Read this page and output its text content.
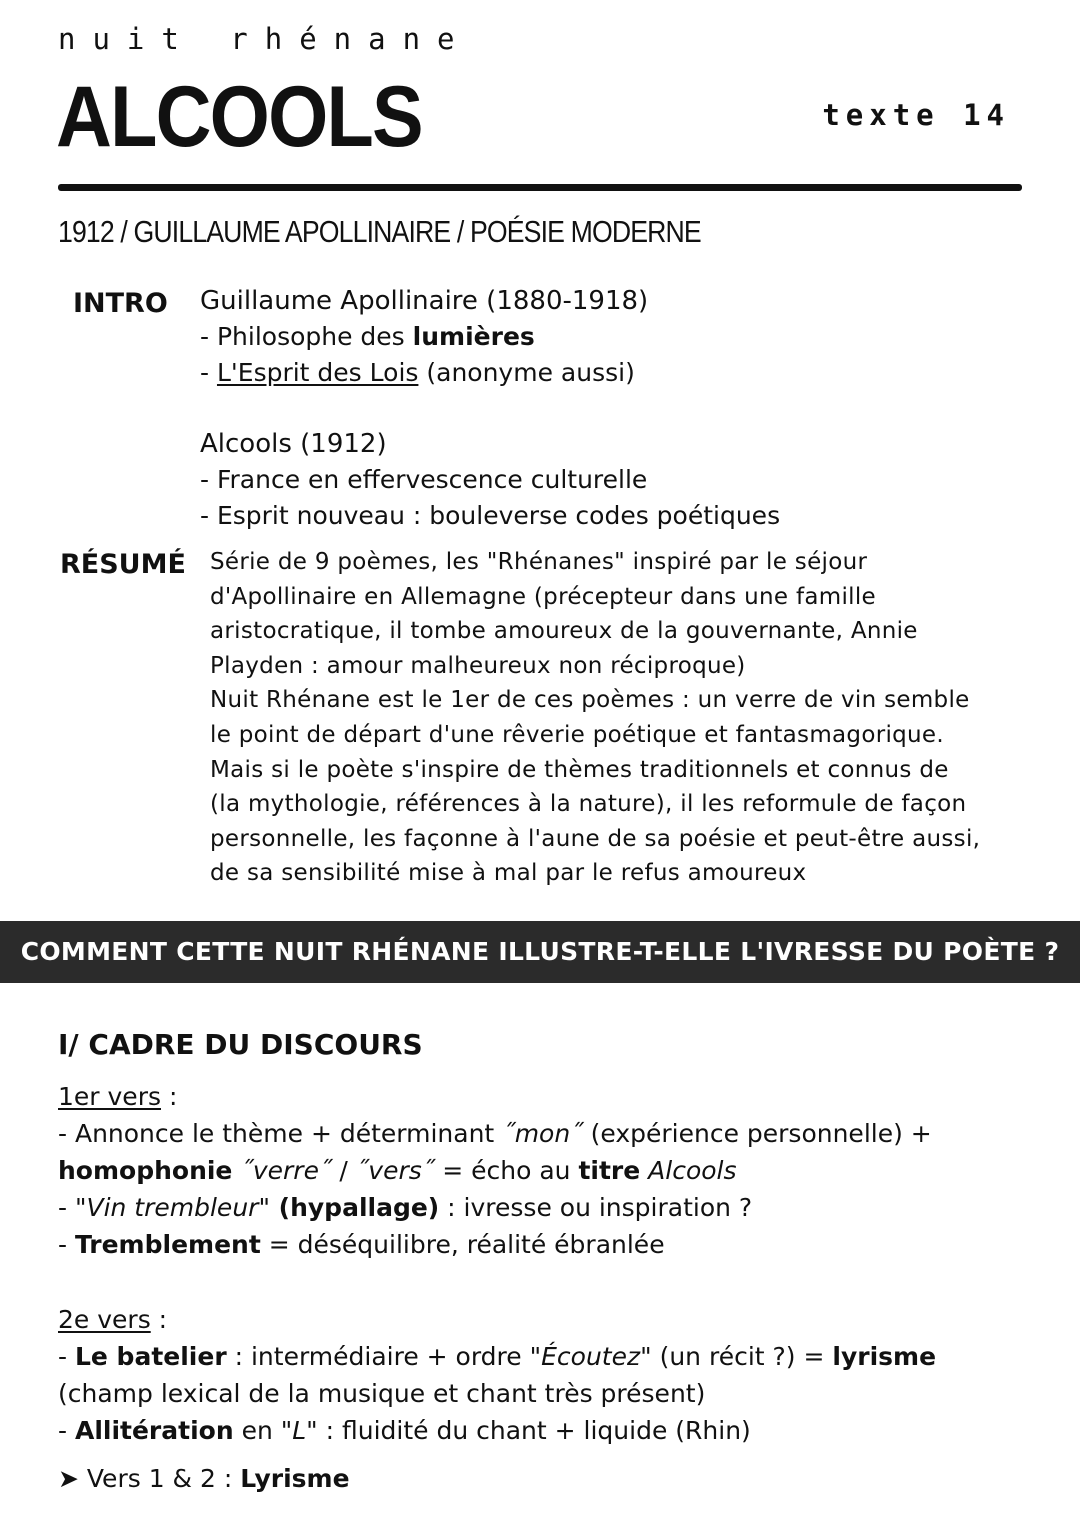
nuit rhénane
ALCOOLS	texte 14
1912 / GUILLAUME APOLLINAIRE / POÉSIE MODERNE
INTRO Guillaume Apollinaire (1880-1918)
- Philosophe des lumières
- L'Esprit des Lois (anonyme aussi)
Alcools (1912)
- France en effervescence culturelle
- Esprit nouveau : bouleverse codes poétiques
RÉSUMÉ Série de 9 poèmes, les "Rhénanes" inspiré par le séjour
d'Apollinaire en Allemagne (précepteur dans une famille
aristocratique, il tombe amoureux de la gouvernante, Annie
Playden : amour malheureux non réciproque)
Nuit Rhénane est le 1er de ces poèmes : un verre de vin semble
le point de départ d'une rêverie poétique et fantasmagorique.
Mais si le poète s'inspire de thèmes traditionnels et connus de
(la mythologie, références à la nature), il les reformule de façon
personnelle, les façonne à l'aune de sa poésie et peut-être aussi,
de sa sensibilité mise à mal par le refus amoureux
COMMENT CETTE NUIT RHÉNANE ILLUSTRE-T-ELLE L'IVRESSE DU POÈTE ?
I/ CADRE DU DISCOURS
1er vers :
- Annonce le thème + déterminant ˝mon˝ (expérience personnelle) +
homophonie ˝verre˝ / ˝vers˝ = écho au titre Alcools
- "Vin trembleur" (hypallage) : ivresse ou inspiration ?
- Tremblement = déséquilibre, réalité ébranlée
2e vers :
- Le batelier : intermédiaire + ordre "Écoutez" (un récit ?) = lyrisme
(champ lexical de la musique et chant très présent)
- Allitération en "L" : fluidité du chant + liquide (Rhin)
➤ Vers 1 & 2 : Lyrisme
